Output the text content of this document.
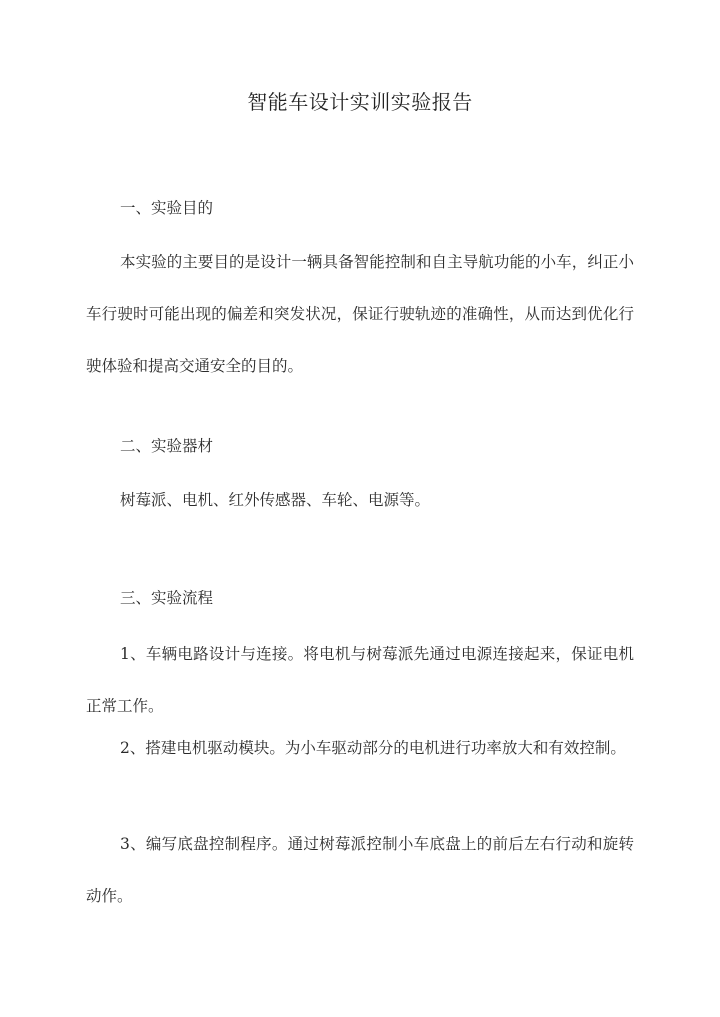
智能车设计实训实验报告
一、实验目的
本实验的主要目的是设计一辆具备智能控制和自主导航功能的小车，纠正小车行驶时可能出现的偏差和突发状况，保证行驶轨迹的准确性，从而达到优化行驶体验和提高交通安全的目的。
二、实验器材
树莓派、电机、红外传感器、车轮、电源等。
三、实验流程
1、车辆电路设计与连接。将电机与树莓派先通过电源连接起来，保证电机正常工作。
2、搭建电机驱动模块。为小车驱动部分的电机进行功率放大和有效控制。
3、编写底盘控制程序。通过树莓派控制小车底盘上的前后左右行动和旋转动作。
